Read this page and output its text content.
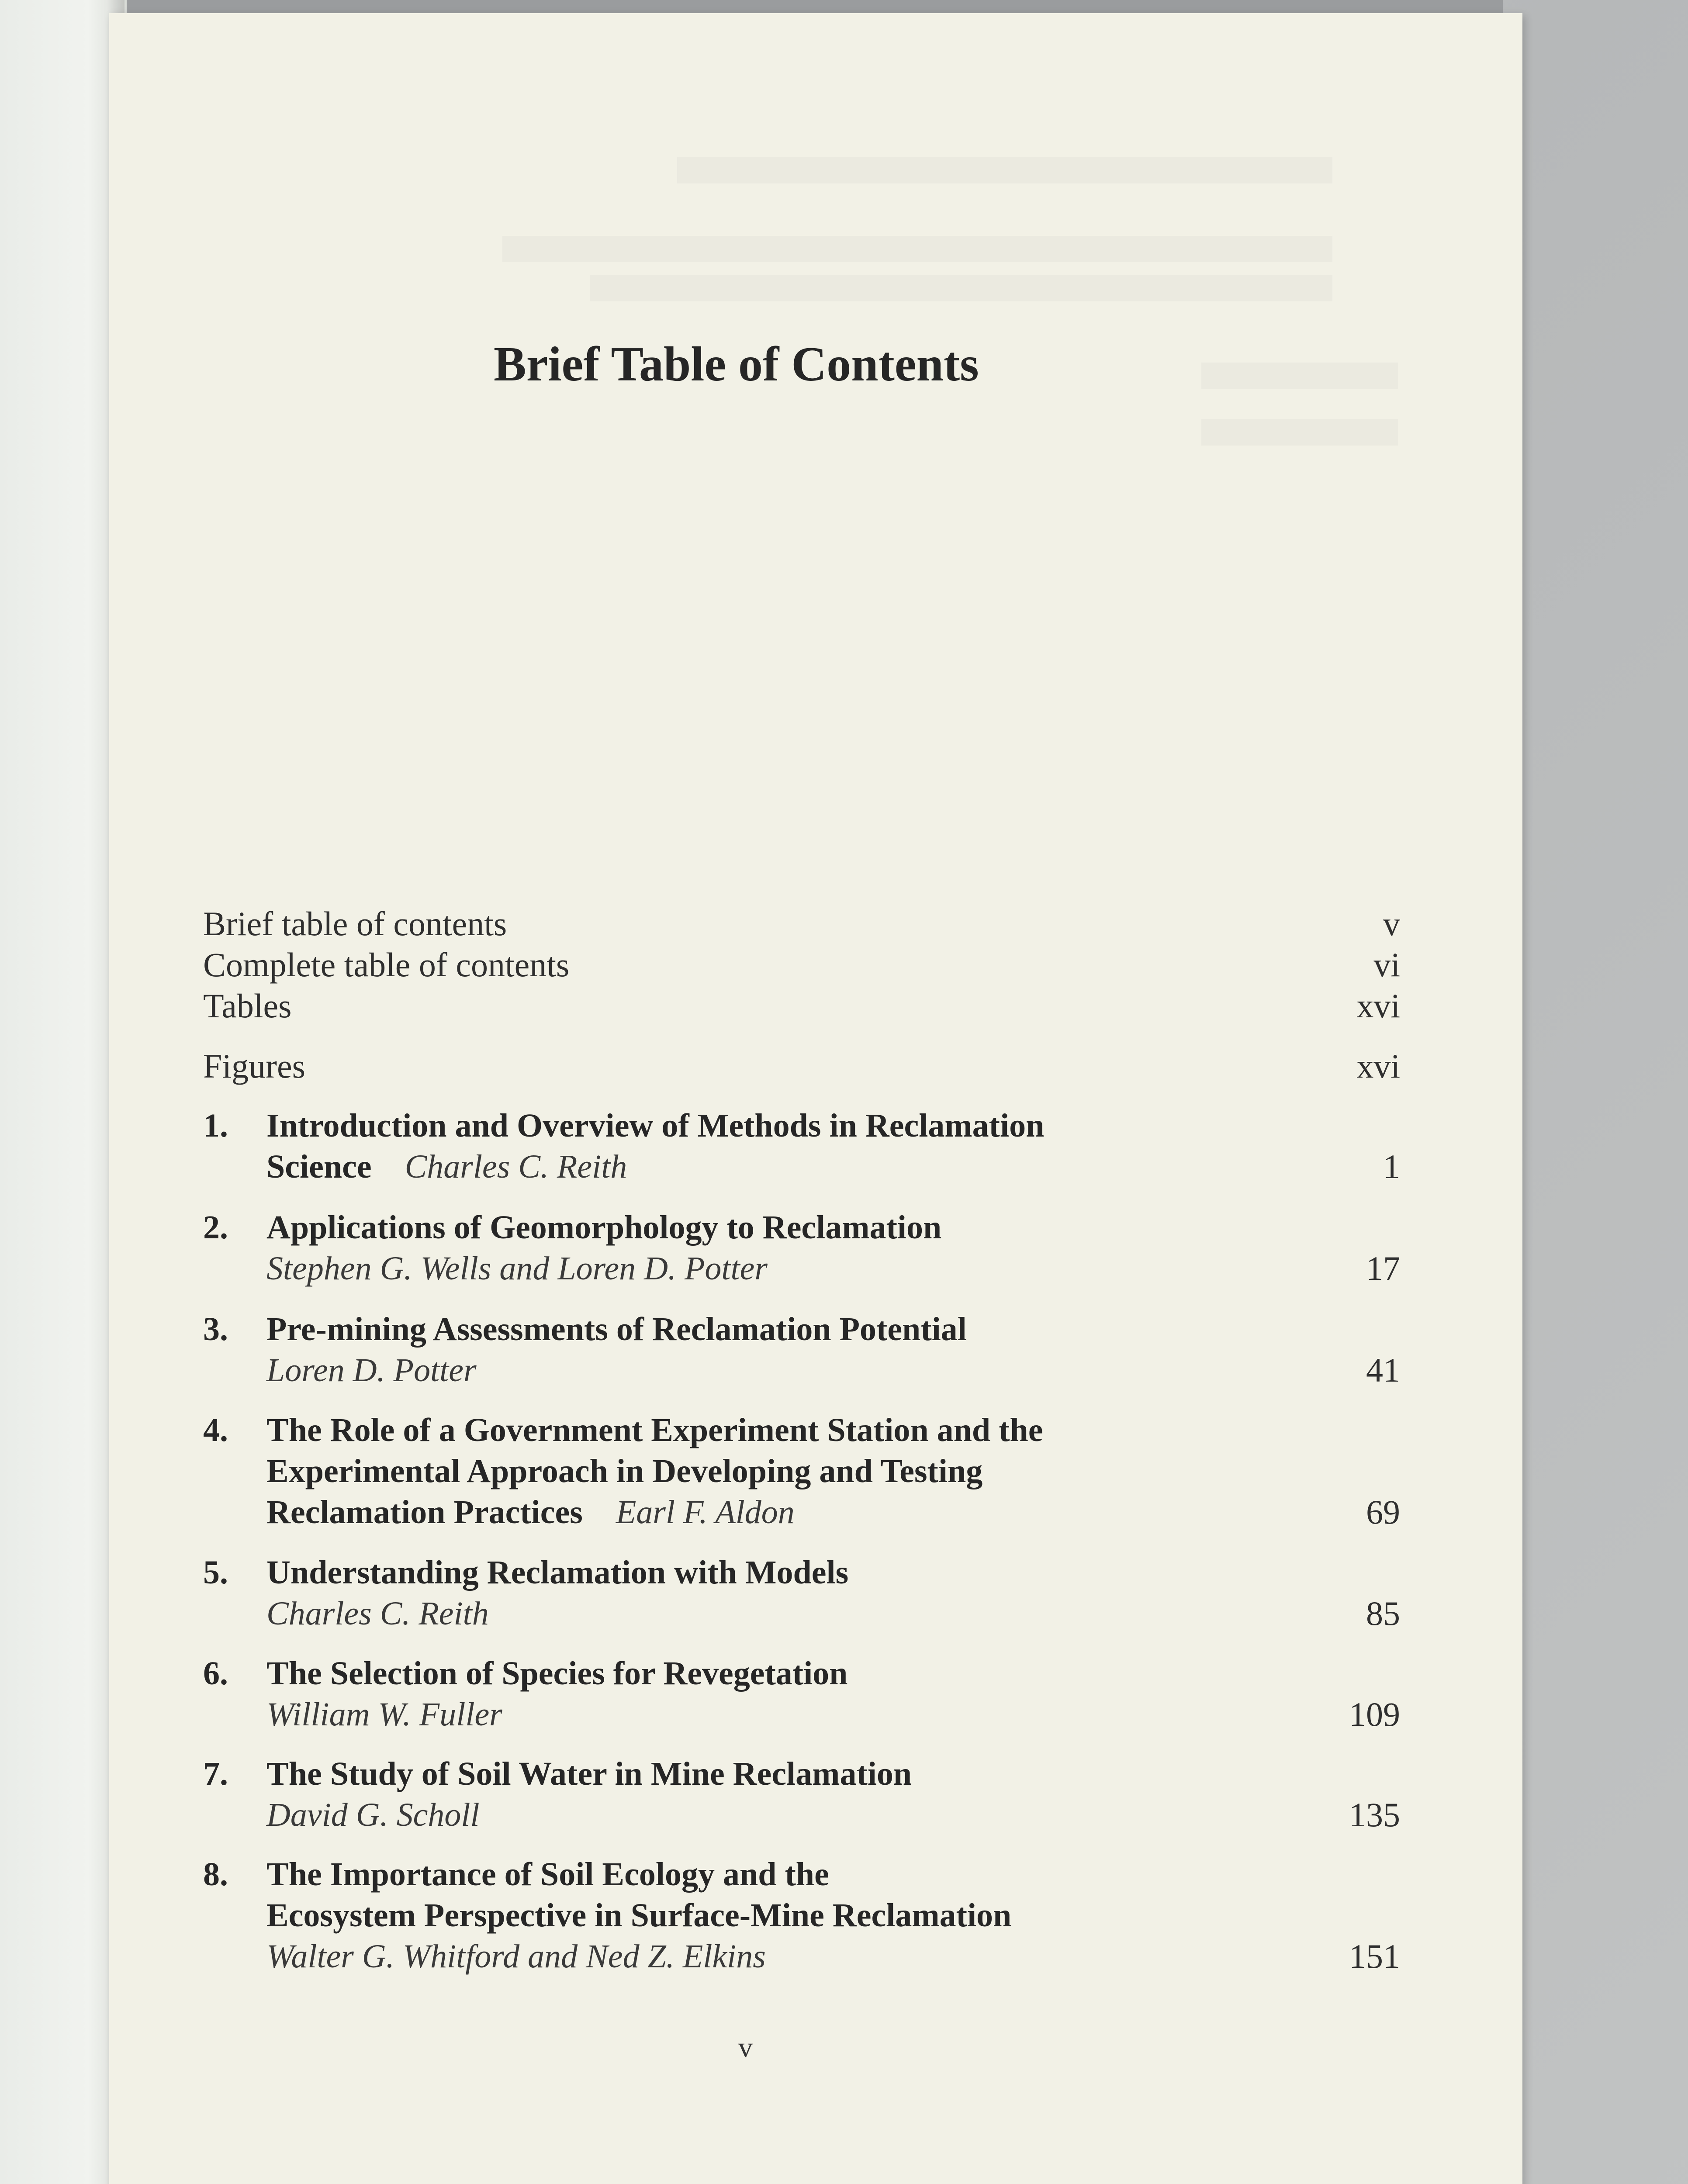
Brief Table of Contents
Brief table of contents	v
Complete table of contents	vi
Tables	xvi
Figures	xvi
1. Introduction and Overview of Methods in Reclamation
Science Charles C. Reith	1
2. Applications of Geomorphology to Reclamation
Stephen G. Wells and Loren D. Potter	17
3. Pre-mining Assessments of Reclamation Potential
Loren D. Potter	41
4. The Role of a Government Experiment Station and the
Experimental Approach in Developing and Testing
Reclamation Practices Earl F. Aldon	69
5. Understanding Reclamation with Models
Charles C. Reith	85
6. The Selection of Species for Revegetation
William W. Fuller	109
7. The Study of Soil Water in Mine Reclamation
David G. Scholl	135
8. The Importance of Soil Ecology and the
Ecosystem Perspective in Surface-Mine Reclamation
Walter G. Whitford and Ned Z. Elkins	151
v
